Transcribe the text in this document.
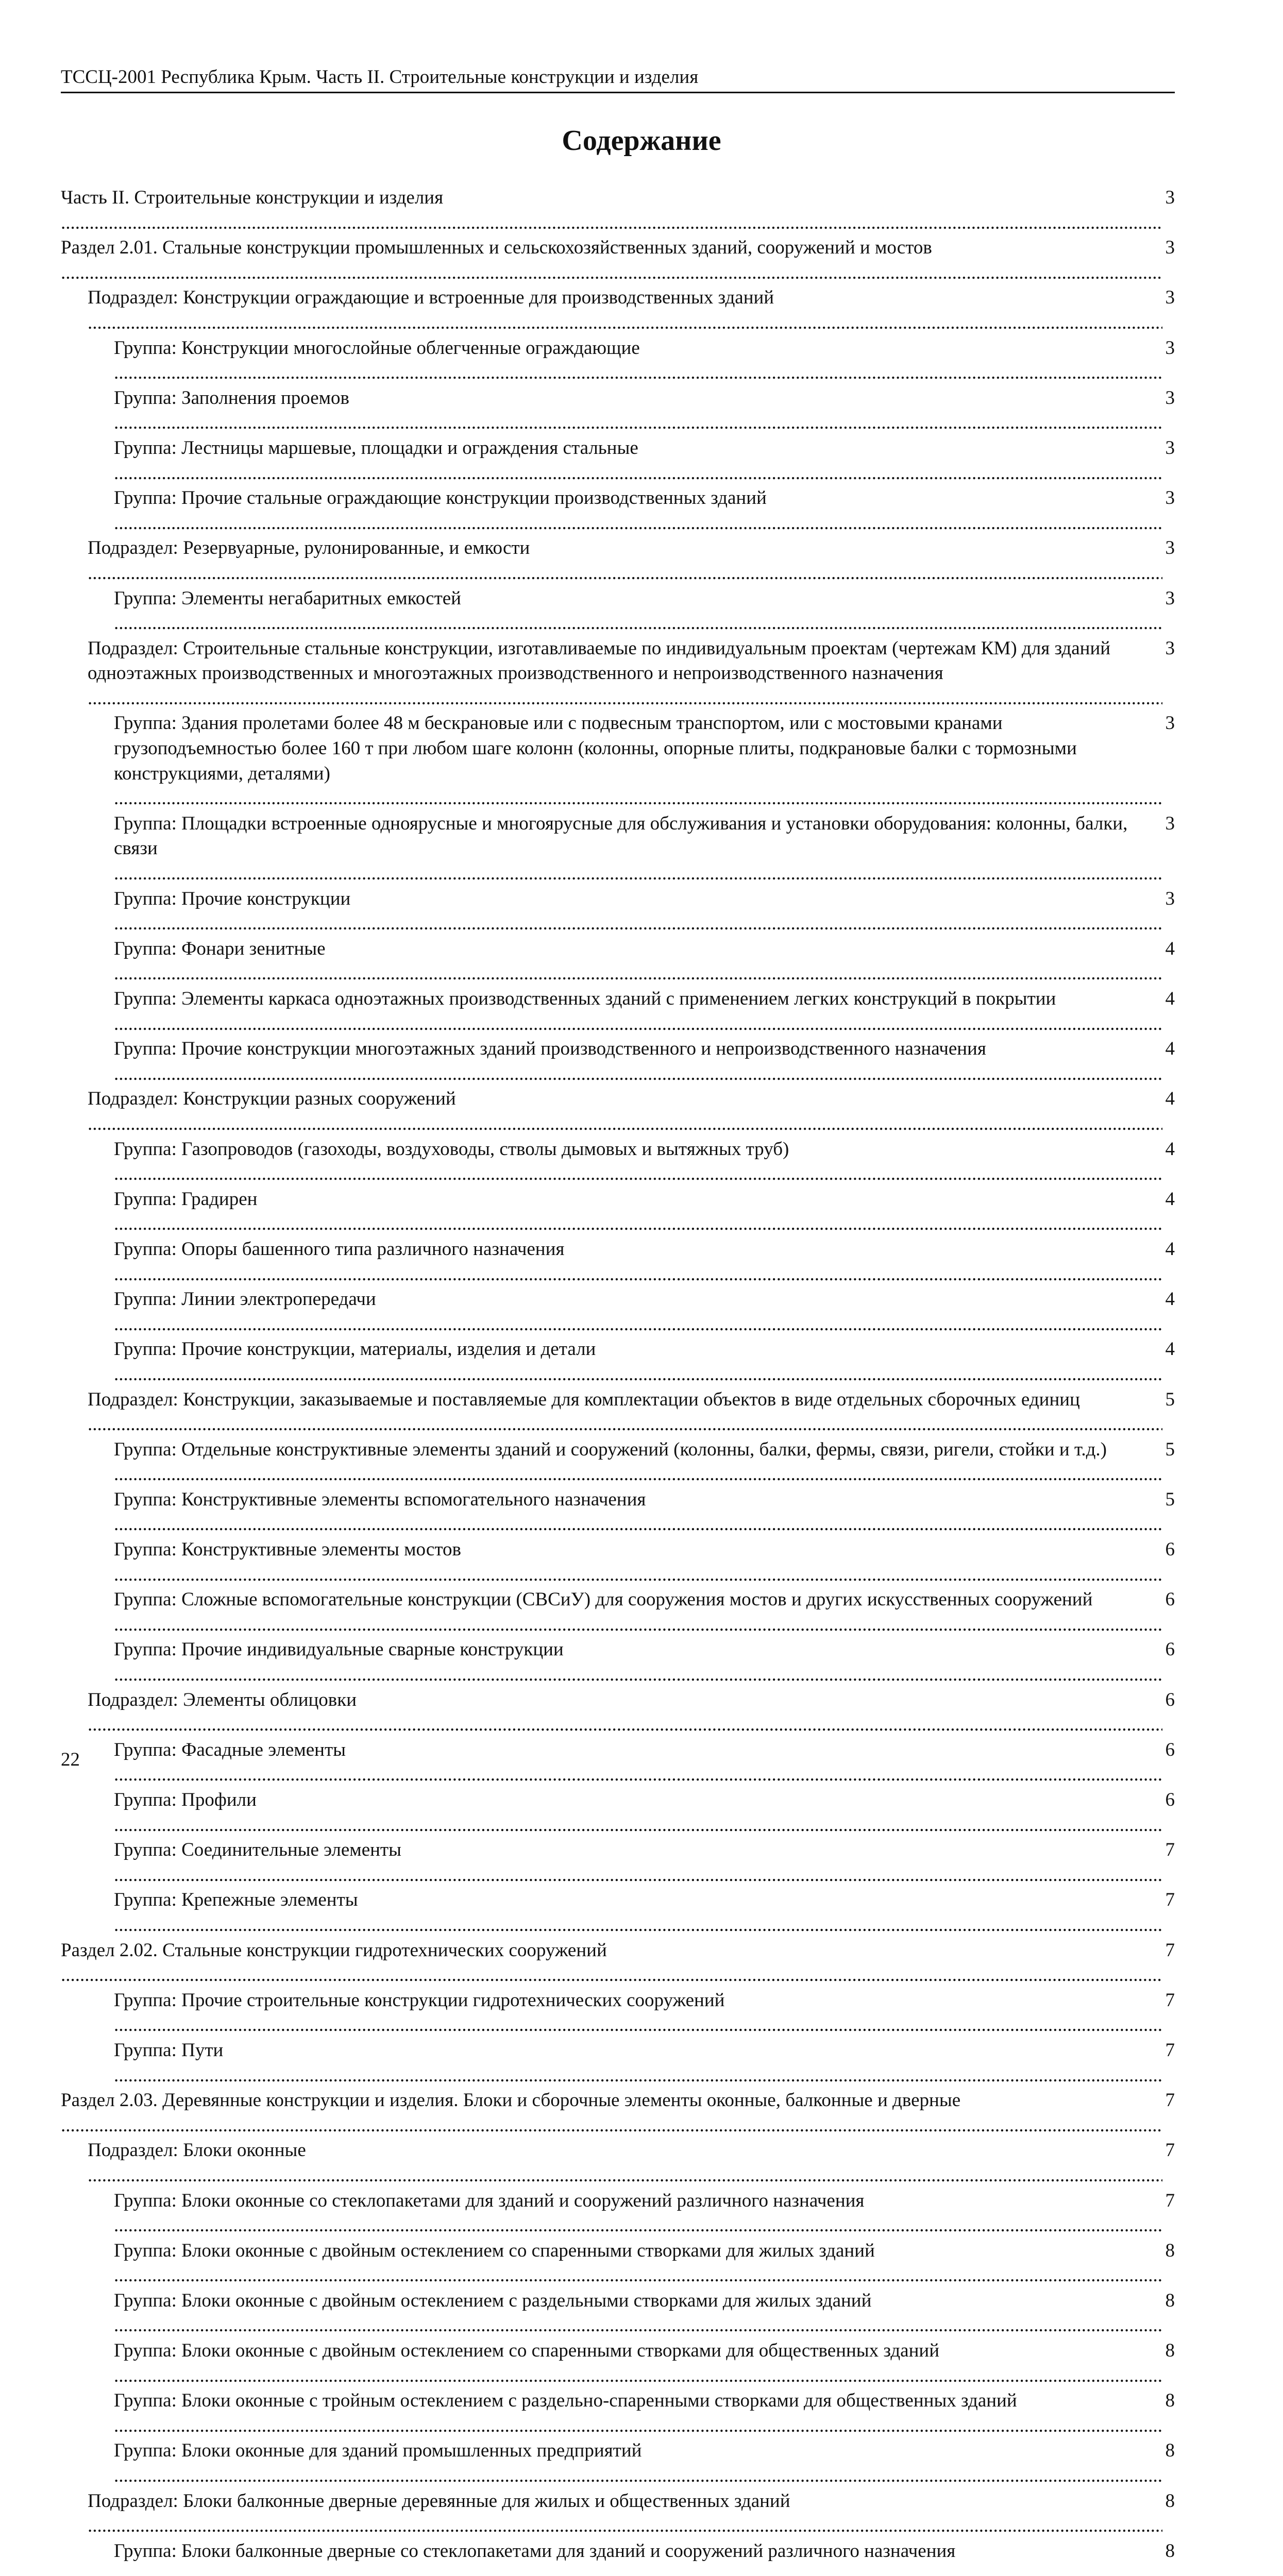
ТССЦ-2001 Республика Крым. Часть II. Строительные конструкции и изделия
Содержание
3
Часть II. Строительные конструкции и изделия .....
3
Раздел 2.01. Стальные конструкции промышленных и сельскохозяйственных зданий, сооружений и мостов .....
3
Подраздел: Конструкции ограждающие и встроенные для производственных зданий .....
3
Группа: Конструкции многослойные облегченные ограждающие .....
3
Группа: Заполнения проемов .....
3
Группа: Лестницы маршевые, площадки и ограждения стальные .....
3
Группа: Прочие стальные ограждающие конструкции производственных зданий .....
3
Подраздел: Резервуарные, рулонированные, и емкости .....
3
Группа: Элементы негабаритных емкостей .....
3
Подраздел: Строительные стальные конструкции, изготавливаемые по индивидуальным проектам (чертежам КМ) для зданий одноэтажных производственных и многоэтажных производственного и непроизводственного назначения .....
3
Группа: Здания пролетами более 48 м бескрановые или с подвесным транспортом, или с мостовыми кранами грузоподъемностью более 160 т при любом шаге колонн (колонны, опорные плиты, подкрановые балки с тормозными конструкциями, деталями) .....
3
Группа: Площадки встроенные одноярусные и многоярусные для обслуживания и установки оборудования: колонны, балки, связи .....
3
Группа: Прочие конструкции .....
4
Группа: Фонари зенитные .....
4
Группа: Элементы каркаса одноэтажных производственных зданий с применением легких конструкций в покрытии .....
4
Группа: Прочие конструкции многоэтажных зданий производственного и непроизводственного назначения .....
4
Подраздел: Конструкции разных сооружений .....
4
Группа: Газопроводов (газоходы, воздуховоды, стволы дымовых и вытяжных труб) .....
4
Группа: Градирен .....
4
Группа: Опоры башенного типа различного назначения .....
4
Группа: Линии электропередачи .....
4
Группа: Прочие конструкции, материалы, изделия и детали .....
5
Подраздел: Конструкции, заказываемые и поставляемые для комплектации объектов в виде отдельных сборочных единиц .....
5
Группа: Отдельные конструктивные элементы зданий и сооружений (колонны, балки, фермы, связи, ригели, стойки и т.д.) .....
5
Группа: Конструктивные элементы вспомогательного назначения .....
6
Группа: Конструктивные элементы мостов .....
6
Группа: Сложные вспомогательные конструкции (СВСиУ) для сооружения мостов и других искусственных сооружений .....
6
Группа: Прочие индивидуальные сварные конструкции .....
6
Подраздел: Элементы облицовки .....
6
Группа: Фасадные элементы .....
6
Группа: Профили .....
7
Группа: Соединительные элементы .....
7
Группа: Крепежные элементы .....
7
Раздел 2.02. Стальные конструкции гидротехнических сооружений .....
7
Группа: Прочие строительные конструкции гидротехнических сооружений .....
7
Группа: Пути .....
7
Раздел 2.03. Деревянные конструкции и изделия. Блоки и сборочные элементы оконные, балконные и дверные .....
7
Подраздел: Блоки оконные .....
7
Группа: Блоки оконные со стеклопакетами для зданий и сооружений различного назначения .....
8
Группа: Блоки оконные с двойным остеклением со спаренными створками для жилых зданий .....
8
Группа: Блоки оконные с двойным остеклением с раздельными створками для жилых зданий .....
8
Группа: Блоки оконные с двойным остеклением со спаренными створками для общественных зданий .....
8
Группа: Блоки оконные с тройным остеклением с раздельно-спаренными створками для общественных зданий .....
8
Группа: Блоки оконные для зданий промышленных предприятий .....
8
Подраздел: Блоки балконные дверные деревянные для жилых и общественных зданий .....
8
Группа: Блоки балконные дверные со стеклопакетами для зданий и сооружений различного назначения .....
22
